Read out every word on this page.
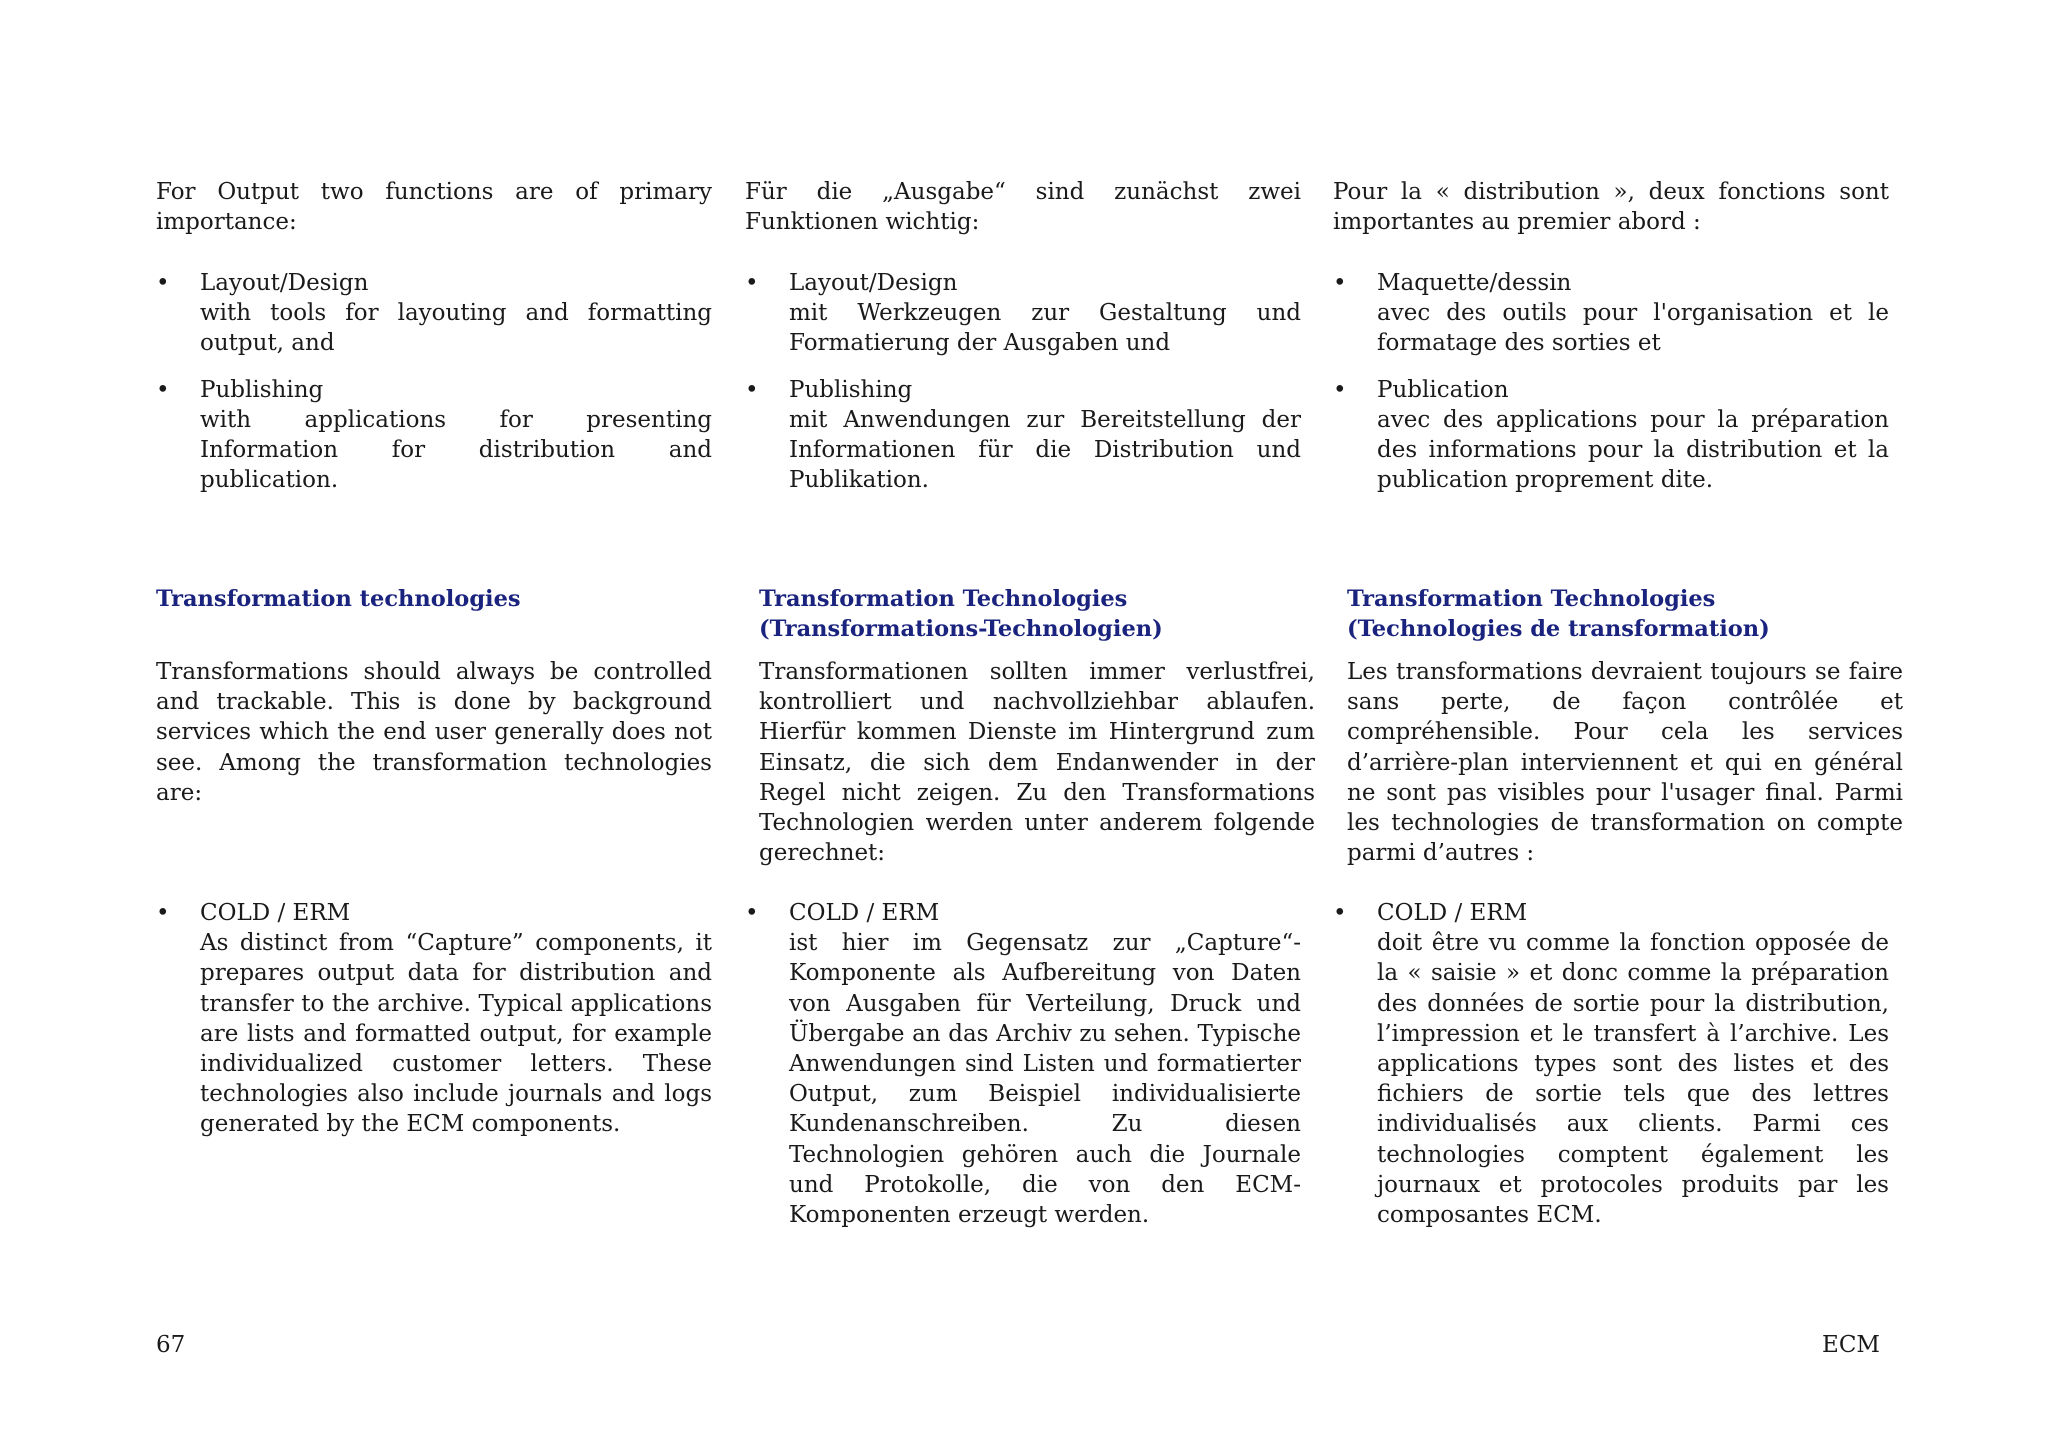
For Output two functions are of primary importance:

• Layout/Design

with tools for layouting and formatting output, and

• Publishing

with applications for presenting Information for distribution and publication.

Transformation technologies

Transformations should always be controlled and trackable. This is done by background services which the end user generally does not see. Among the transformation technologies are:

• COLD / ERM

As distinct from “Capture” components, it prepares output data for distribution and transfer to the archive. Typical applications are lists and formatted output, for example individualized customer letters. These technologies also include journals and logs generated by the ECM components.

Für die „Ausgabe“ sind zunächst zwei Funktionen wichtig:

• Layout/Design

mit Werkzeugen zur Gestaltung und Formatierung der Ausgaben und

• Publishing

mit Anwendungen zur Bereitstellung der Informationen für die Distribution und Publikation.

Transformation Technologies
(Transformations-Technologien)

Transformationen sollten immer verlustfrei, kontrolliert und nachvollziehbar ablaufen. Hierfür kommen Dienste im Hintergrund zum Einsatz, die sich dem Endanwender in der Regel nicht zeigen. Zu den Transformations Technologien werden unter anderem folgende gerechnet:

• COLD / ERM

ist hier im Gegensatz zur „Capture“-Komponente als Aufbereitung von Daten von Ausgaben für Verteilung, Druck und Übergabe an das Archiv zu sehen. Typische Anwendungen sind Listen und formatierter Output, zum Beispiel individualisierte Kundenanschreiben. Zu diesen Technologien gehören auch die Journale und Protokolle, die von den ECM-Komponenten erzeugt werden.

Pour la « distribution », deux fonctions sont importantes au premier abord :

• Maquette/dessin

avec des outils pour l'organisation et le formatage des sorties et

• Publication

avec des applications pour la préparation des informations pour la distribution et la publication proprement dite.

Transformation Technologies
(Technologies de transformation)

Les transformations devraient toujours se faire sans perte, de façon contrôlée et compréhensible. Pour cela les services d’arrière-plan interviennent et qui en général ne sont pas visibles pour l'usager final. Parmi les technologies de transformation on compte parmi d’autres :

• COLD / ERM

doit être vu comme la fonction opposée de la « saisie » et donc comme la préparation des données de sortie pour la distribution, l’impression et le transfert à l’archive. Les applications types sont des listes et des fichiers de sortie tels que des lettres individualisés aux clients. Parmi ces technologies comptent également les journaux et protocoles produits par les composantes ECM.

67	ECM
